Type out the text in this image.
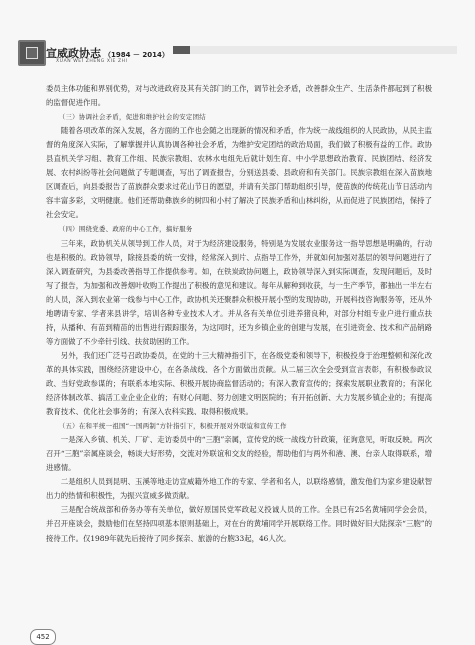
宣威政协志 （1984 － 2014）
XUAN WEI ZHENG XIE ZHI

委员主体功能和界别优势，对与改进政府及其有关部门的工作，调节社会矛盾，改善群众生产、生活条件都起到了积极的监督促进作用。

（三）协调社会矛盾，促进和维护社会的安定团结

随着各项改革的深入发展，各方面的工作也会随之出现新的情况和矛盾，作为统一战线组织的人民政协，从民主监督的角度深入实际，了解掌握并认真协调各种社会矛盾，为维护安定团结的政治局面，我们做了积极有益的工作。政协县直机关学习组、教育工作组、民族宗教组、农林水电组先后就计划生育、中小学思想政治教育、民族团结、经济发展、农村纠纷等社会问题做了专题调查，写出了调查报告，分别送县委、县政府和有关部门。民族宗教组在深入苗族地区调查后，向县委报告了苗族群众要求过花山节日的愿望，并请有关部门帮助组织引导，使苗族的传统花山节日活动内容丰富多彩，文明健康。他们还帮助彝族乡的树四和小村了解决了民族矛盾和山林纠纷，从而促进了民族团结，保持了社会安定。

（四）围绕党委、政府的中心工作，搞好服务

三年来，政协机关从领导到工作人员，对于为经济建设服务，特别是为发展农业服务这一指导思想是明确的，行动也是积极的。政协领导，除接县委的统一安排，经常深入到片、点指导工作外，并就如何加强对基层的领导问题进行了深入调查研究，为县委改善指导工作提供参考。如，在铁炭政协问题上，政协领导深入到实际调查，发现问题后，及时写了报告，为加强和改善烟叶收购工作提出了积极的意见和建议。每年从解种到收获，与一生产季节，都抽出一半左右的人员，深入到农业第一线参与中心工作，政协机关还聚群众积极开展小型的发现协助，开展科技咨询服务等，还从外地聘请专家、学者来县讲学，培训各种专业技术人才。并从各有关单位引进养猪良种，对部分村组专业户进行重点扶持，从播种、有苗到精苗的出售进行跟踪服务，为这同时，还为乡镇企业的创建与发展，在引进资金、技术和产品销路等方面做了不少牵针引线、扶贫助困的工作。

另外，我们还广泛号召政协委员，在党的十三大精神指引下，在各级党委和领导下，积极投身于治理整顿和深化改革的具体实践，围绕经济建设中心，在各条战线、各个方面做出贡献。从二届三次全会受到宣言表彰，有积极参政议政、当好党政参谋的；有联系本地实际、积极开展协商监督活动的；有深入教育宣传的；探索发展职业教育的；有深化经济体制改革、搞活工业企业企业的；有财心问题、努力创建文明医院的；有开拓创新、大力发展乡镇企业的；有提高教育技术、优化社会事务的；有深入农科实践、取得积极成果。

（五）在和平统一祖国“一国两制”方针指引下，积极开展对外联谊和宣传工作

一是深入乡镇、机关、厂矿、走访委员中的“三胞”亲属，宣传党的统一战线方针政策，征询意见，听取反映。两次召开“三胞”亲属座谈会，畅谈大好形势，交流对外联谊和交友的经验，帮助他们与两外和港、澳、台亲人取得联系，增进感情。

二是组织人员到昆明、玉溪等地走访宣威籍外地工作的专家、学者和名人，以联络感情，激发他们为家乡建设献智出力的热情和积极性，为振兴宣威多做贡献。

三是配合统战部和侨务办等有关单位，做好原国民党军政起义投诚人员的工作。全县已有25名黄埔同学会会员，并召开座谈会，鼓励他们在坚持四项基本原则基础上，对在台的黄埔同学开展联络工作。同时做好旧大陆探亲“三胞”的接待工作。仅1989年就先后接待了同乡探亲、旅游的台胞33起，46人次。

452
